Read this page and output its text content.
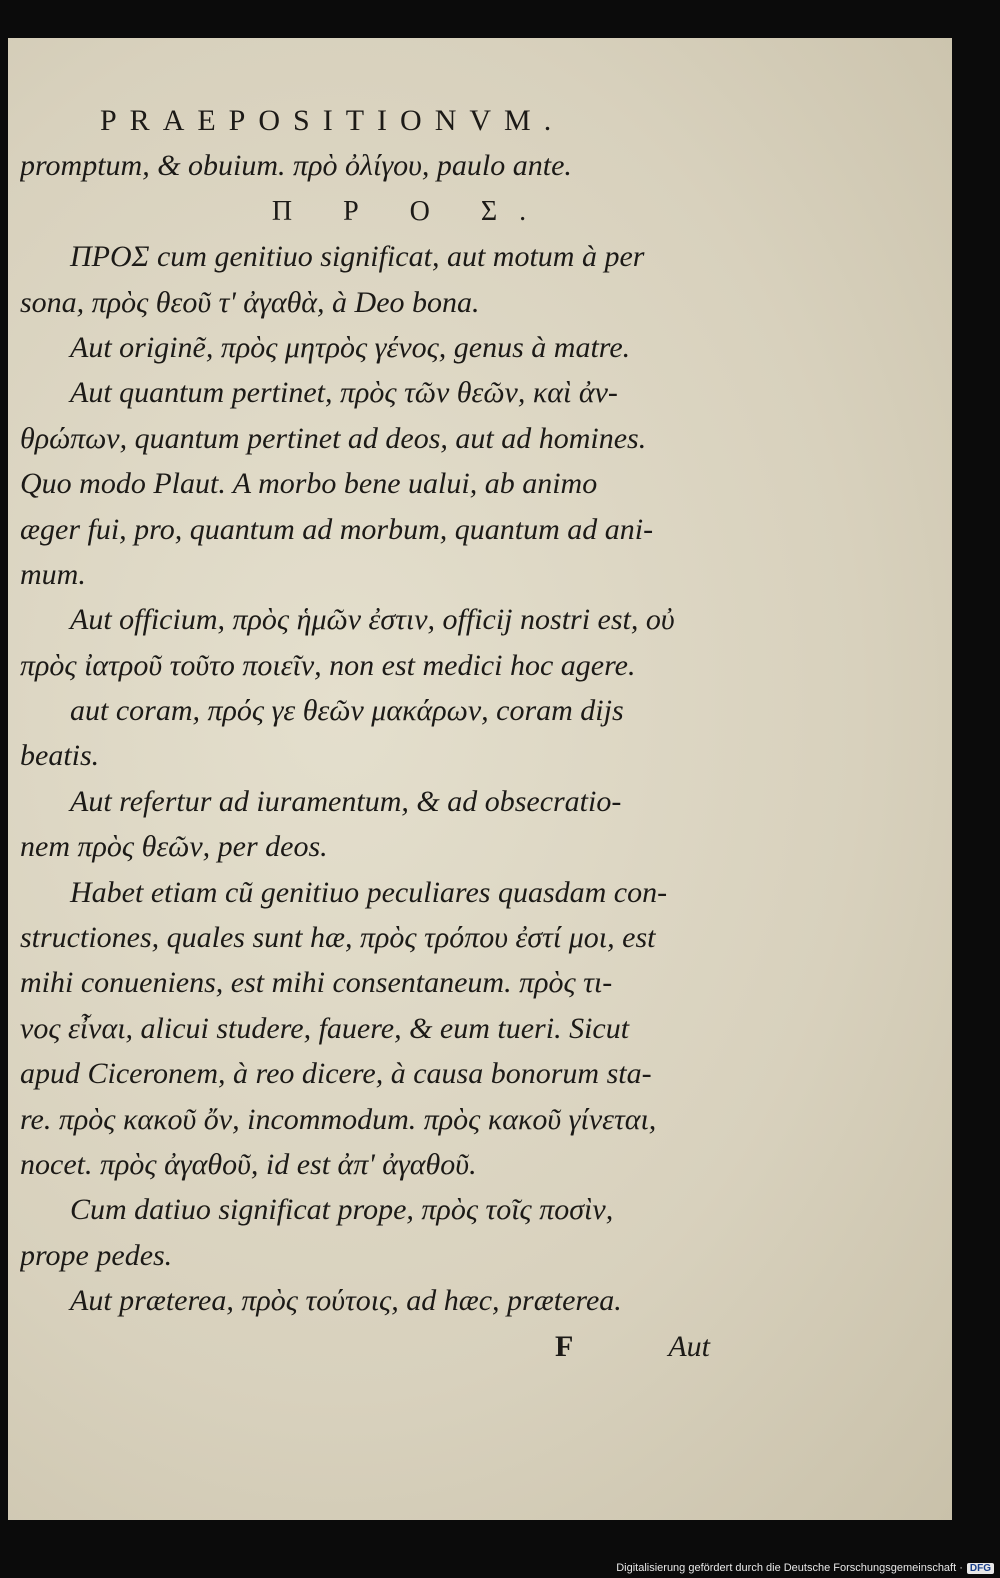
PRAEPOSITIONVM.
promptum, & obuium. πρὸ ὀλίγου, paulo ante.
Π Ρ Ο Σ.
ΠΡΟΣ cum genitiuo significat, aut motum à per
sona, πρὸς θεοῦ τ' ἀγαθὰ, à Deo bona.
Aut originẽ, πρὸς μητρὸς γένος, genus à matre.
Aut quantum pertinet, πρὸς τῶν θεῶν, καὶ ἀν-
θρώπων, quantum pertinet ad deos, aut ad homines.
Quo modo Plaut. A morbo bene ualui, ab animo
æger fui, pro, quantum ad morbum, quantum ad ani-
mum.
Aut officium, πρὸς ἡμῶν ἐστιν, officij nostri est, οὐ
πρὸς ἰατροῦ τοῦτο ποιεῖν, non est medici hoc agere.
aut coram, πρός γε θεῶν μακάρων, coram dijs
beatis.
Aut refertur ad iuramentum, & ad obsecratio-
nem πρὸς θεῶν, per deos.
Habet etiam cũ genitiuo peculiares quasdam con-
structiones, quales sunt hæ, πρὸς τρόπου ἐστί μοι, est
mihi conueniens, est mihi consentaneum. πρὸς τι-
νος εἶναι, alicui studere, fauere, & eum tueri. Sicut
apud Ciceronem, à reo dicere, à causa bonorum sta-
re. πρὸς κακοῦ ὄν, incommodum. πρὸς κακοῦ γίνεται,
nocet. πρὸς ἀγαθοῦ, id est ἀπ' ἀγαθοῦ.
Cum datiuo significat prope, πρὸς τοῖς ποσὶν,
prope pedes.
Aut præterea, πρὸς τούτοις, ad hæc, præterea.
F	Aut
Digitalisierung gefördert durch die Deutsche Forschungsgemeinschaft · DFG
